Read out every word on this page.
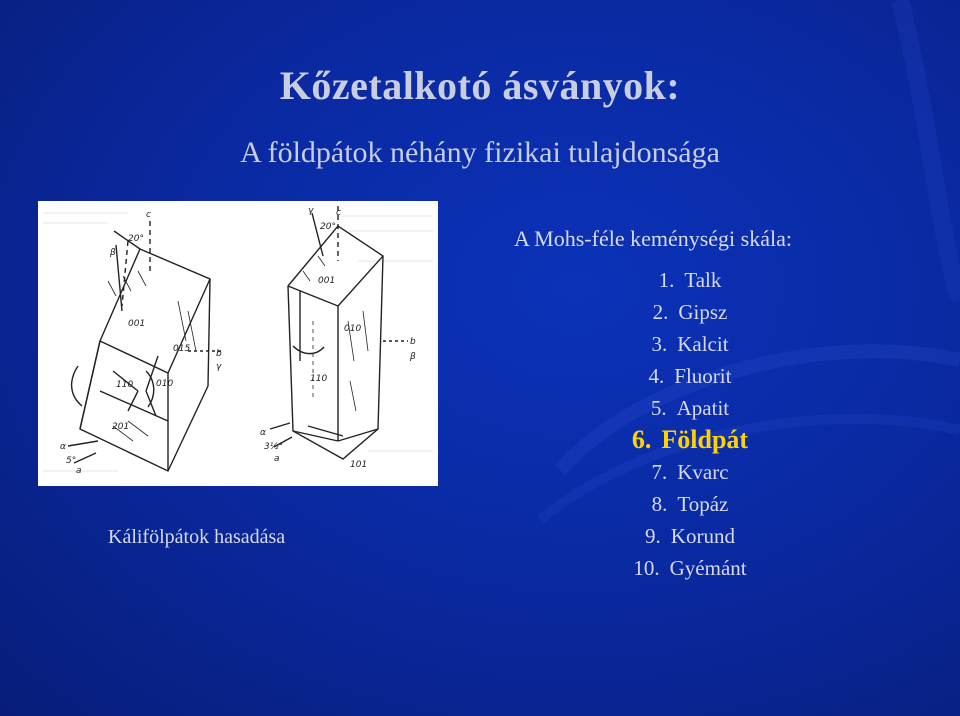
Kőzetalkotó ásványok:
A földpátok néhány fizikai tulajdonsága
c
β
20°
001
015
110	010
201
b
γ
α
5°
a
γ	c
20°
001
010
110
b
β
α
3½°
a
101
Kálifölpátok hasadása
A Mohs-féle keménységi skála:
1. Talk
2. Gipsz
3. Kalcit
4. Fluorit
5. Apatit
6. Földpát
7. Kvarc
8. Topáz
9. Korund
10. Gyémánt
